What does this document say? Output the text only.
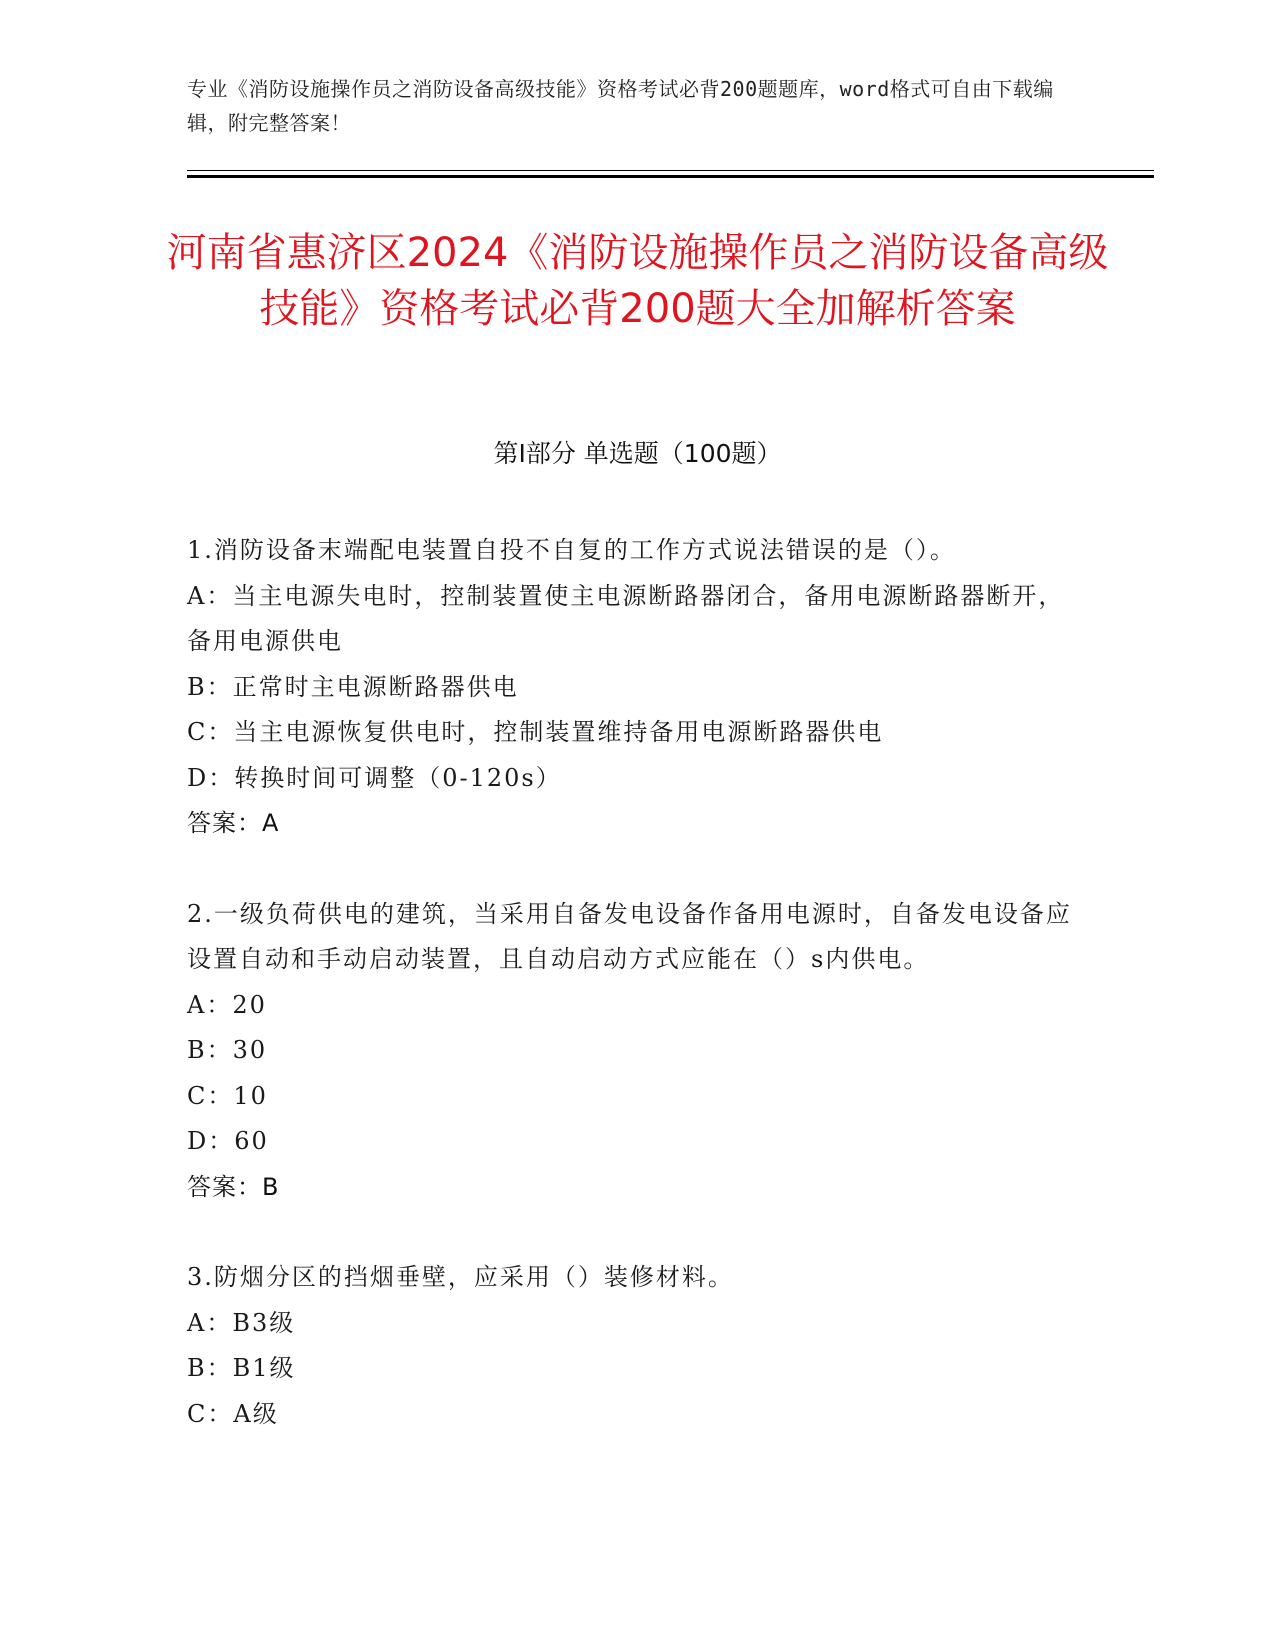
专业《消防设施操作员之消防设备高级技能》资格考试必背200题题库，word格式可自由下载编辑，附完整答案！
河南省惠济区2024《消防设施操作员之消防设备高级技能》资格考试必背200题大全加解析答案
第I部分 单选题（100题）
1.消防设备末端配电装置自投不自复的工作方式说法错误的是（）。
A：当主电源失电时，控制装置使主电源断路器闭合，备用电源断路器断开，备用电源供电
B：正常时主电源断路器供电
C：当主电源恢复供电时，控制装置维持备用电源断路器供电
D：转换时间可调整（0-120s）
答案：A
2.一级负荷供电的建筑，当采用自备发电设备作备用电源时，自备发电设备应设置自动和手动启动装置，且自动启动方式应能在（）s内供电。
A：20
B：30
C：10
D：60
答案：B
3.防烟分区的挡烟垂壁，应采用（）装修材料。
A：B3级
B：B1级
C：A级
